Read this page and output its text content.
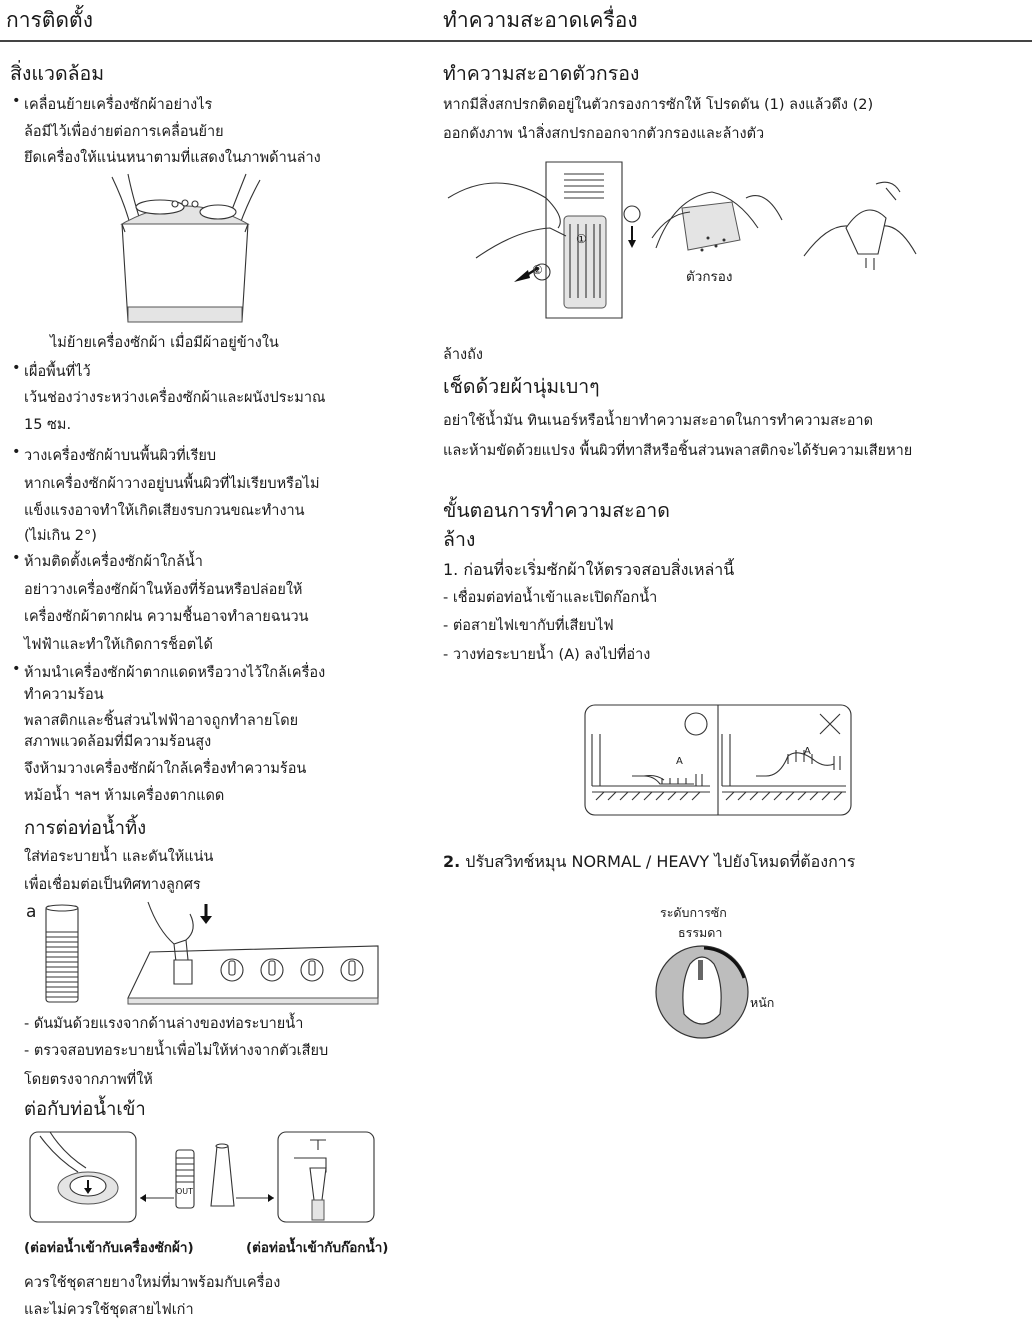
การติดตั้ง	ทำความสะอาดเครื่อง
สิ่งแวดล้อม
• เคลื่อนย้ายเครื่องซักผ้าอย่างไร
ล้อมีไว้เพื่อง่ายต่อการเคลื่อนย้าย
ยึดเครื่องให้แน่นหนาตามที่แสดงในภาพด้านล่าง
ไม่ย้ายเครื่องซักผ้า เมื่อมีผ้าอยู่ข้างใน
• เผื่อพื้นที่ไว้
เว้นช่องว่างระหว่างเครื่องซักผ้าและผนังประมาณ
15 ซม.
• วางเครื่องซักผ้าบนพื้นผิวที่เรียบ
หากเครื่องซักผ้าวางอยู่บนพื้นผิวที่ไม่เรียบหรือไม่
แข็งแรงอาจทำให้เกิดเสียงรบกวนขณะทำงาน
(ไม่เกิน 2°)
• ห้ามติดตั้งเครื่องซักผ้าใกล้น้ำ
อย่าวางเครื่องซักผ้าในห้องที่ร้อนหรือปล่อยให้
เครื่องซักผ้าตากฝน ความชื้นอาจทำลายฉนวน
ไฟฟ้าและทำให้เกิดการช็อตได้
• ห้ามนำเครื่องซักผ้าตากแดดหรือวางไว้ใกล้เครื่อง
ทำความร้อน
พลาสติกและชิ้นส่วนไฟฟ้าอาจถูกทำลายโดย
สภาพแวดล้อมที่มีความร้อนสูง
จึงห้ามวางเครื่องซักผ้าใกล้เครื่องทำความร้อน
หม้อน้ำ ฯลฯ ห้ามเครื่องตากแดด
การต่อท่อน้ำทิ้ง
ใส่ท่อระบายน้ำ และดันให้แน่น
เพื่อเชื่อมต่อเป็นทิศทางลูกศร
a
- ดันมันด้วยแรงจากด้านล่างของท่อระบายน้ำ
- ตรวจสอบทอระบายน้ำเพื่อไม่ให้ห่างจากตัวเสียบ
โดยตรงจากภาพที่ให้
ต่อกับท่อน้ำเข้า
OUT
(ต่อท่อน้ำเข้ากับเครื่องซักผ้า)	(ต่อท่อน้ำเข้ากับก๊อกน้ำ)
ควรใช้ชุดสายยางใหม่ที่มาพร้อมกับเครื่อง
และไม่ควรใช้ชุดสายไฟเก่า
ทำความสะอาดตัวกรอง
หากมีสิ่งสกปรกติดอยู่ในตัวกรองการซักให้ โปรดดัน (1) ลงแล้วดึง (2)
ออกดังภาพ นำสิ่งสกปรกออกจากตัวกรองและล้างตัว
①
②	ตัวกรอง
ล้างถัง
เช็ดด้วยผ้านุ่มเบาๆ
อย่าใช้น้ำมัน ทินเนอร์หรือน้ำยาทำความสะอาดในการทำความสะอาด
และห้ามขัดด้วยแปรง พื้นผิวที่ทาสีหรือชิ้นส่วนพลาสติกจะได้รับความเสียหาย
ขั้นตอนการทำความสะอาด
ล้าง
1. ก่อนที่จะเริ่มซักผ้าให้ตรวจสอบสิ่งเหล่านี้
- เชื่อมต่อท่อน้ำเข้าและเปิดก๊อกน้ำ
- ต่อสายไฟเขากับที่เสียบไฟ
- วางท่อระบายน้ำ (A) ลงไปที่อ่าง
A
A
2. ปรับสวิทช์หมุน NORMAL / HEAVY ไปยังโหมดที่ต้องการ
ระดับการซัก
ธรรมดา
หนัก
